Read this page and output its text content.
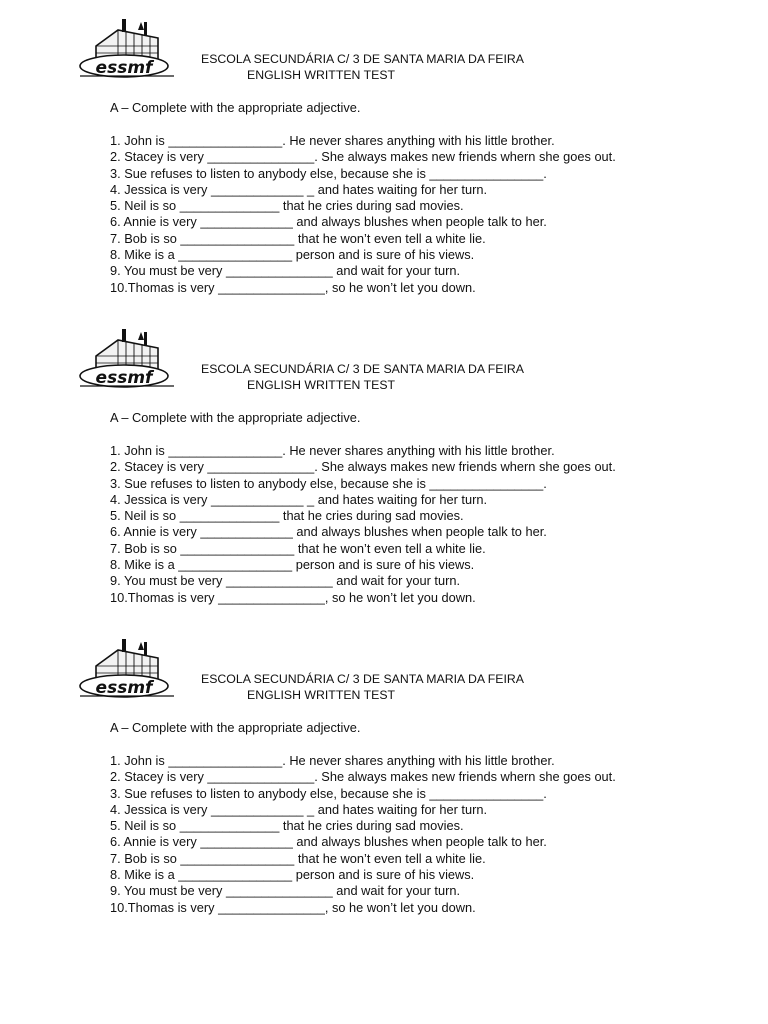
essmf	ESCOLA SECUNDÁRIA C/ 3 DE SANTA MARIA DA FEIRA
ENGLISH WRITTEN TEST
A – Complete with the appropriate adjective.
1. John is ________________. He never shares anything with his little brother.
2. Stacey is very _______________. She always makes new friends whern she goes out.
3. Sue refuses to listen to anybody else, because she is ________________.
4. Jessica is very _____________ _ and hates waiting for her turn.
5. Neil is so ______________ that he cries during sad movies.
6. Annie is very _____________ and always blushes when people talk to her.
7. Bob is so ________________ that he won’t even tell a white lie.
8. Mike is a ________________ person and is sure of his views.
9. You must be very _______________ and wait for your turn.
10.Thomas is very _______________, so he won’t let you down.
essmf	ESCOLA SECUNDÁRIA C/ 3 DE SANTA MARIA DA FEIRA
ENGLISH WRITTEN TEST
A – Complete with the appropriate adjective.
1. John is ________________. He never shares anything with his little brother.
2. Stacey is very _______________. She always makes new friends whern she goes out.
3. Sue refuses to listen to anybody else, because she is ________________.
4. Jessica is very _____________ _ and hates waiting for her turn.
5. Neil is so ______________ that he cries during sad movies.
6. Annie is very _____________ and always blushes when people talk to her.
7. Bob is so ________________ that he won’t even tell a white lie.
8. Mike is a ________________ person and is sure of his views.
9. You must be very _______________ and wait for your turn.
10.Thomas is very _______________, so he won’t let you down.
essmf	ESCOLA SECUNDÁRIA C/ 3 DE SANTA MARIA DA FEIRA
ENGLISH WRITTEN TEST
A – Complete with the appropriate adjective.
1. John is ________________. He never shares anything with his little brother.
2. Stacey is very _______________. She always makes new friends whern she goes out.
3. Sue refuses to listen to anybody else, because she is ________________.
4. Jessica is very _____________ _ and hates waiting for her turn.
5. Neil is so ______________ that he cries during sad movies.
6. Annie is very _____________ and always blushes when people talk to her.
7. Bob is so ________________ that he won’t even tell a white lie.
8. Mike is a ________________ person and is sure of his views.
9. You must be very _______________ and wait for your turn.
10.Thomas is very _______________, so he won’t let you down.
